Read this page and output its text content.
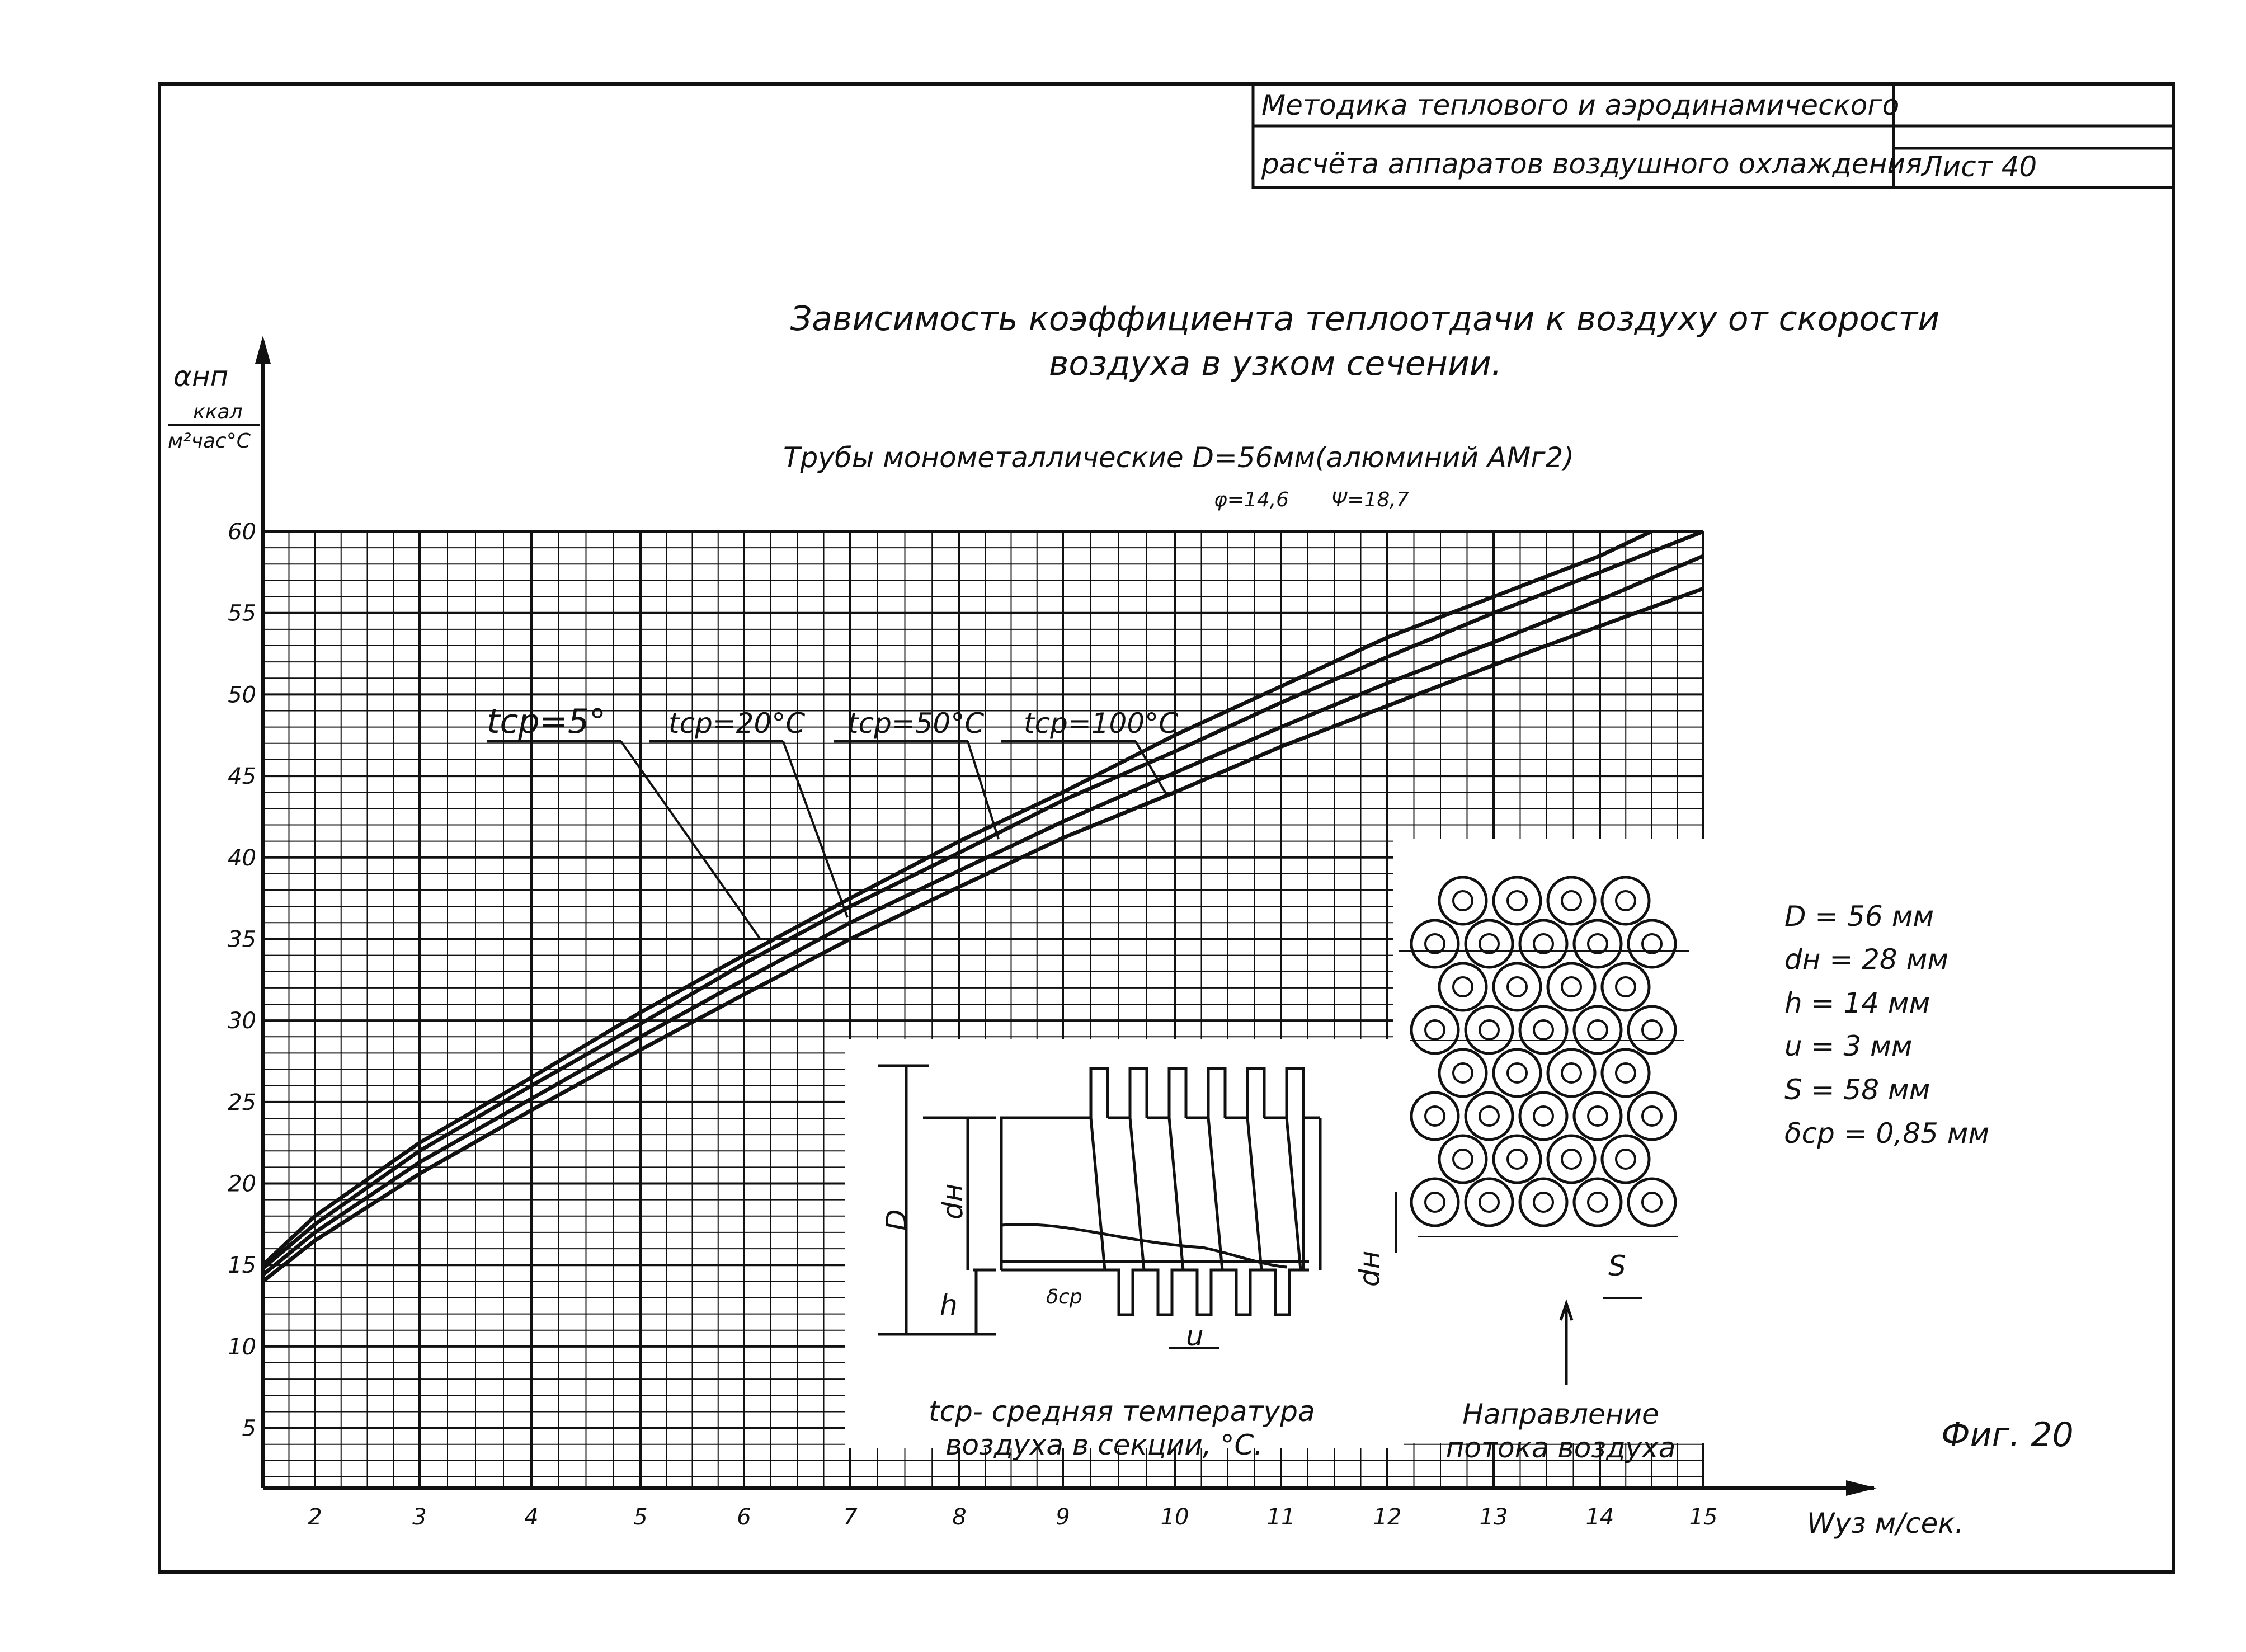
Методика теплового и аэродинамического
расчёта аппаратов воздушного охлаждения Лист 40
Зависимость коэффициента теплоотдачи к воздуху от скорости
воздуха в узком сечении.
Трубы монометаллические D=56мм(алюминий АМг2)
φ=14,6 Ψ=18,7
αнп
ккал
м²час°С
Wуз м/сек.
Фиг. 20
D = 56 мм
dн = 28 мм
h = 14 мм
u = 3 мм
S = 58 мм
δср = 0,85 мм
5
10
15
20
25
30
35
40
45
50
55
60
2	3	4	5	6	7	8	9	10	11	12	13	14	15
tср=5° tср=20°С tср=50°С tср=100°С
D
dн
h	δср
u
tср- средняя температура
воздуха в секции, °С.
dн	S
Направление
потока воздуха
